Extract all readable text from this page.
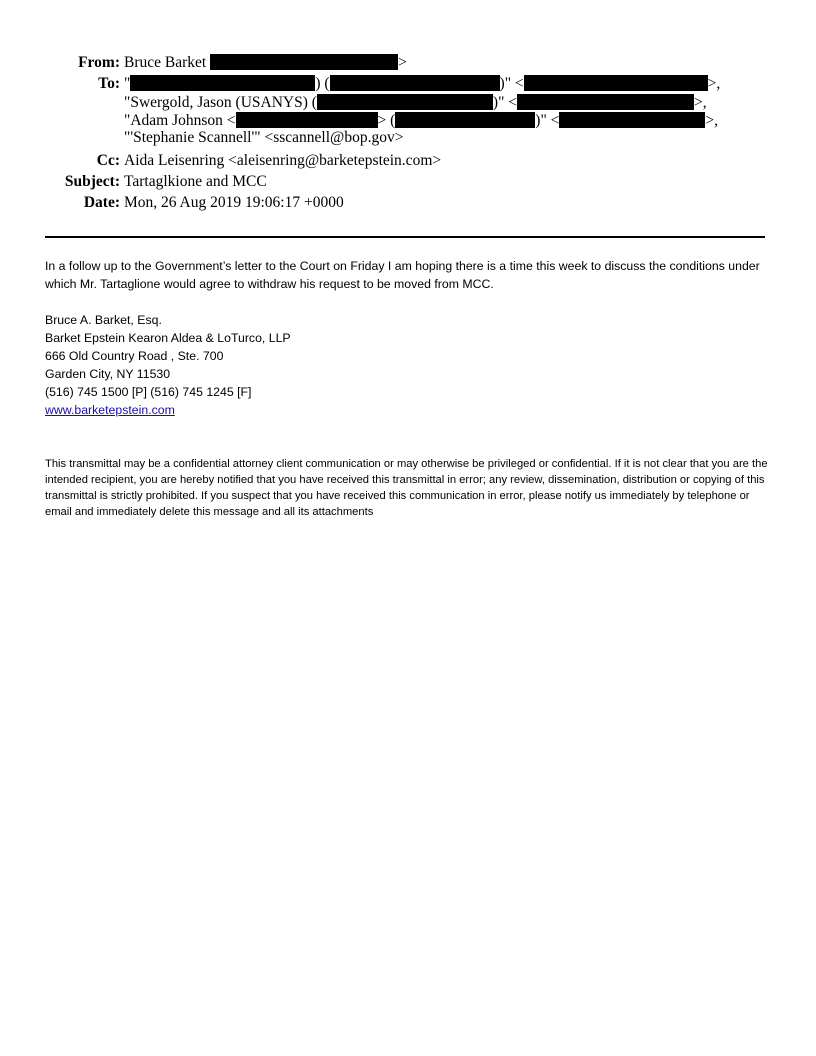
From: Bruce Barket	>
To: "	) (	)" <	>,
"Swergold, Jason (USANYS) (	)" <	>,
"Adam Johnson <	> (	)" <	>,
"'Stephanie Scannell'" <sscannell@bop.gov>
Cc: Aida Leisenring <aleisenring@barketepstein.com>
Subject: Tartaglkione and MCC
Date: Mon, 26 Aug 2019 19:06:17 +0000

In a follow up to the Government’s letter to the Court on Friday I am hoping there is a time this week to discuss the conditions under which Mr. Tartaglione would agree to withdraw his request to be moved from MCC.

Bruce A. Barket, Esq.
Barket Epstein Kearon Aldea & LoTurco, LLP
666 Old Country Road , Ste. 700
Garden City, NY 11530
(516) 745 1500 [P] (516) 745 1245 [F]
www.barketepstein.com
This transmittal may be a confidential attorney client communication or may otherwise be privileged or confidential. If it is not clear that you are the intended recipient, you are hereby notified that you have received this transmittal in error; any review, dissemination, distribution or copying of this transmittal is strictly prohibited. If you suspect that you have received this communication in error, please notify us immediately by telephone or email and immediately delete this message and all its attachments
